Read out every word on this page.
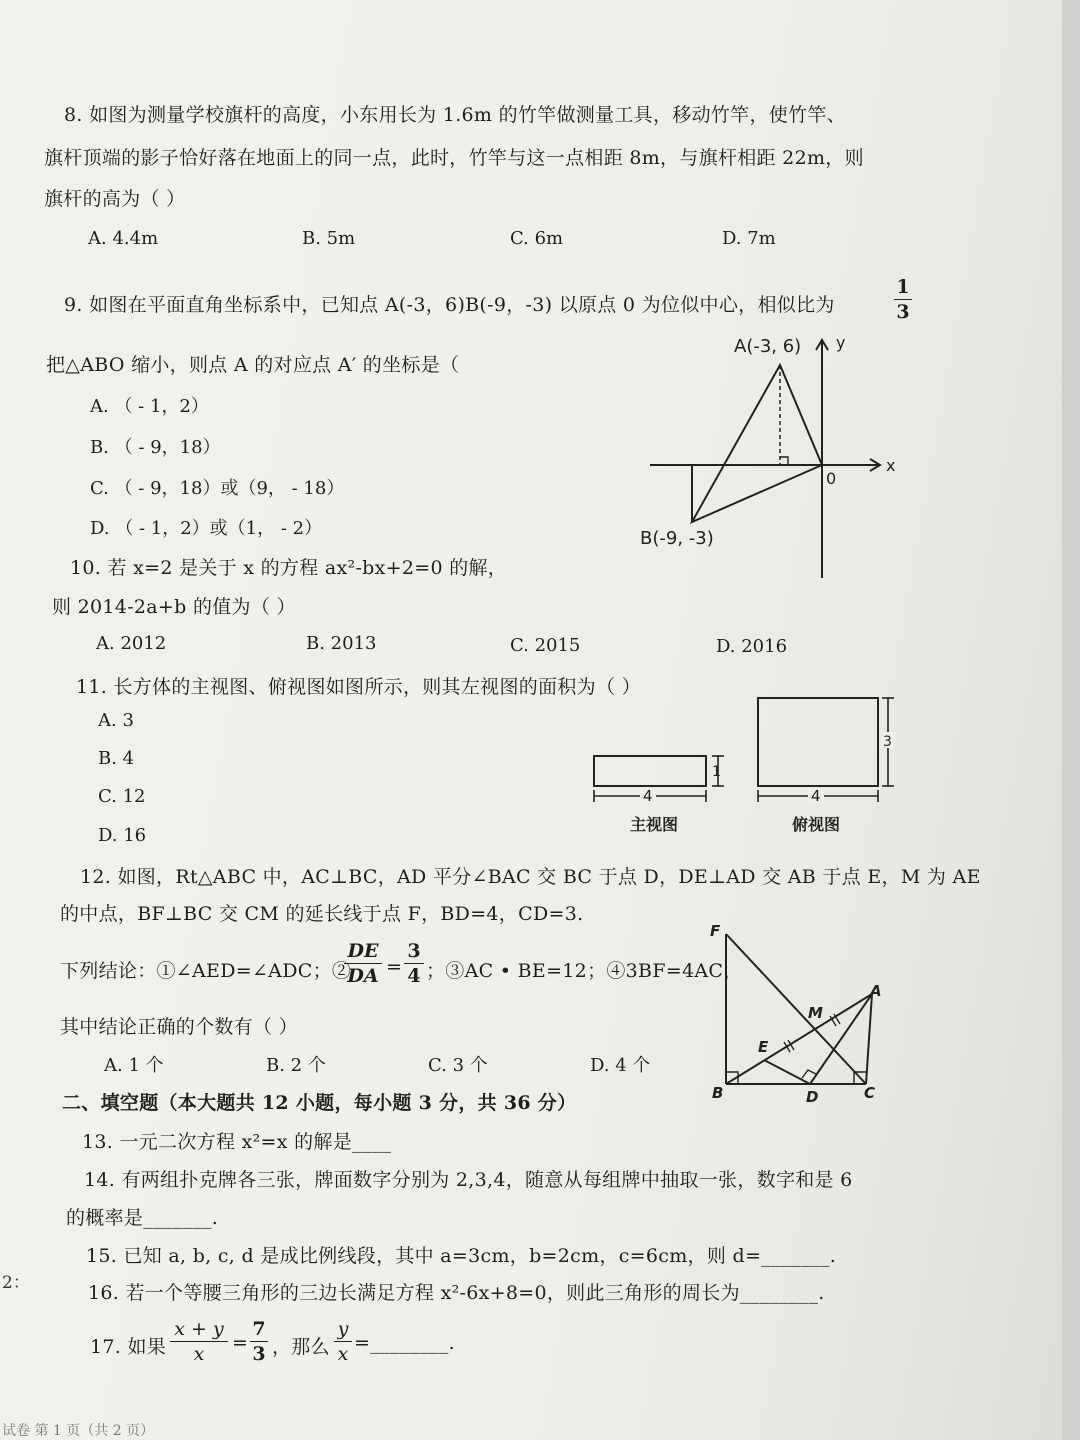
8. 如图为测量学校旗杆的高度，小东用长为 1.6m 的竹竿做测量工具，移动竹竿，使竹竿、
旗杆顶端的影子恰好落在地面上的同一点，此时，竹竿与这一点相距 8m，与旗杆相距 22m，则
旗杆的高为（ ）
A. 4.4m	B. 5m	C. 6m	D. 7m
9. 如图在平面直角坐标系中，已知点 A(-3，6)B(-9，-3) 以原点 0 为位似中心，相似比为
1
3
把△ABO 缩小，则点 A 的对应点 A′ 的坐标是（
A. （ - 1，2）
B. （ - 9，18）
C. （ - 9，18）或（9， - 18）
D. （ - 1，2）或（1， - 2）
A(-3, 6)
B(-9, -3)
0
x
y
10. 若 x=2 是关于 x 的方程 ax²-bx+2=0 的解，
则 2014-2a+b 的值为（ ）
A. 2012	B. 2013	C. 2015	D. 2016
11. 长方体的主视图、俯视图如图所示，则其左视图的面积为（ ）
A. 3
B. 4
C. 12
D. 16
4
1
主视图
4
3
俯视图
12. 如图，Rt△ABC 中，AC⊥BC，AD 平分∠BAC 交 BC 于点 D，DE⊥AD 交 AB 于点 E，M 为 AE
的中点，BF⊥BC 交 CM 的延长线于点 F，BD=4，CD=3.
下列结论：①∠AED=∠ADC；②
DE
DA =
3
4 ；③AC • BE=12；④3BF=4AC，
其中结论正确的个数有（ ）
A. 1 个	B. 2 个	C. 3 个	D. 4 个
F
A
M
E
B	D	C
二、填空题（本大题共 12 小题，每小题 3 分，共 36 分）
13. 一元二次方程 x²=x 的解是____
14. 有两组扑克牌各三张，牌面数字分别为 2,3,4，随意从每组牌中抽取一张，数字和是 6
的概率是_______.
15. 已知 a, b, c, d 是成比例线段，其中 a=3cm，b=2cm，c=6cm，则 d=_______.
16. 若一个等腰三角形的三边长满足方程 x²-6x+8=0，则此三角形的周长为________.
17. 如果
x + y
x	=
7
3 ，那么
y
x =________.
2：
试卷 第 1 页（共 2 页）
